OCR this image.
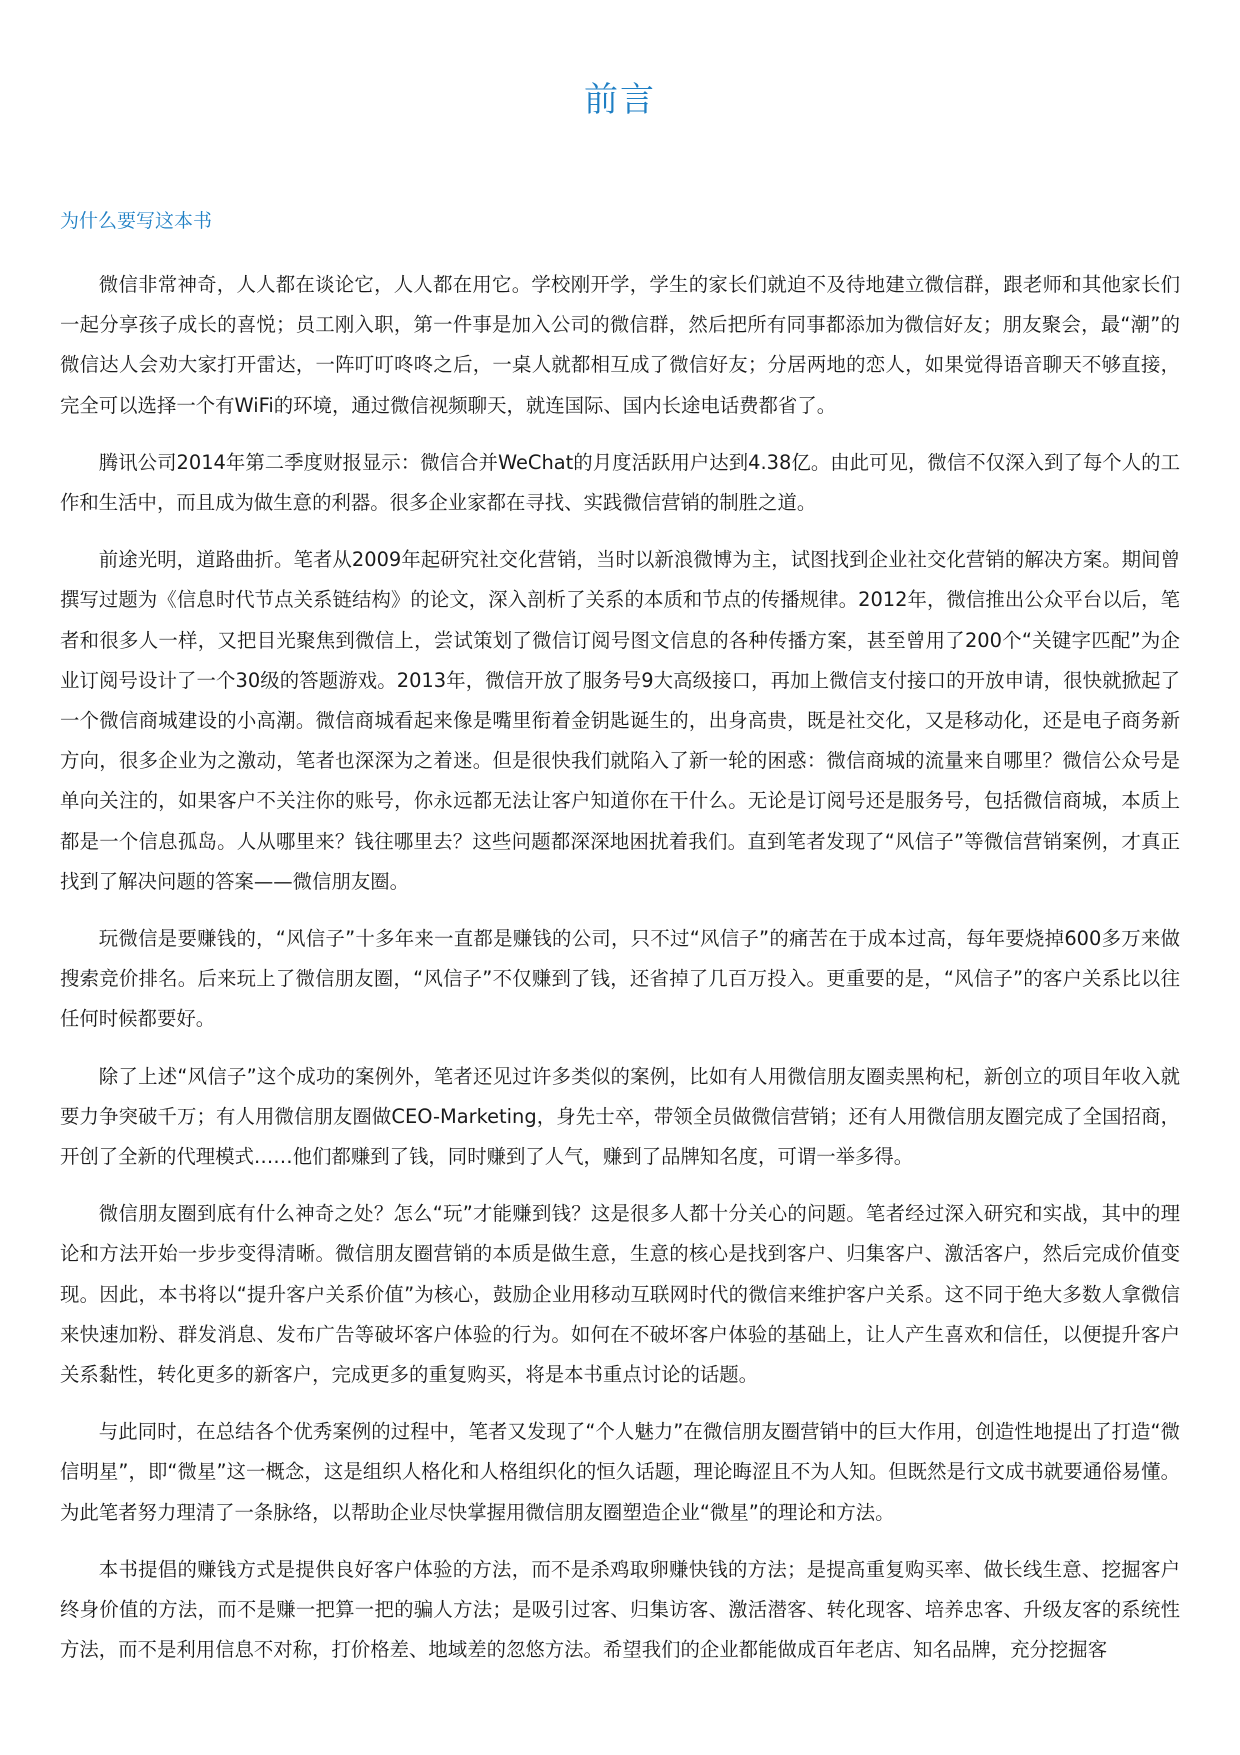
前言
为什么要写这本书

微信非常神奇，人人都在谈论它，人人都在用它。学校刚开学，学生的家长们就迫不及待地建立微信群，跟老师和其他家长们一起分享孩子成长的喜悦；员工刚入职，第一件事是加入公司的微信群，然后把所有同事都添加为微信好友；朋友聚会，最“潮”的微信达人会劝大家打开雷达，一阵叮叮咚咚之后，一桌人就都相互成了微信好友；分居两地的恋人，如果觉得语音聊天不够直接，完全可以选择一个有WiFi的环境，通过微信视频聊天，就连国际、国内长途电话费都省了。

腾讯公司2014年第二季度财报显示：微信合并WeChat的月度活跃用户达到4.38亿。由此可见，微信不仅深入到了每个人的工作和生活中，而且成为做生意的利器。很多企业家都在寻找、实践微信营销的制胜之道。

前途光明，道路曲折。笔者从2009年起研究社交化营销，当时以新浪微博为主，试图找到企业社交化营销的解决方案。期间曾撰写过题为《信息时代节点关系链结构》的论文，深入剖析了关系的本质和节点的传播规律。2012年，微信推出公众平台以后，笔者和很多人一样，又把目光聚焦到微信上，尝试策划了微信订阅号图文信息的各种传播方案，甚至曾用了200个“关键字匹配”为企业订阅号设计了一个30级的答题游戏。2013年，微信开放了服务号9大高级接口，再加上微信支付接口的开放申请，很快就掀起了一个微信商城建设的小高潮。微信商城看起来像是嘴里衔着金钥匙诞生的，出身高贵，既是社交化，又是移动化，还是电子商务新方向，很多企业为之激动，笔者也深深为之着迷。但是很快我们就陷入了新一轮的困惑：微信商城的流量来自哪里？微信公众号是单向关注的，如果客户不关注你的账号，你永远都无法让客户知道你在干什么。无论是订阅号还是服务号，包括微信商城，本质上都是一个信息孤岛。人从哪里来？钱往哪里去？这些问题都深深地困扰着我们。直到笔者发现了“风信子”等微信营销案例，才真正找到了解决问题的答案——微信朋友圈。

玩微信是要赚钱的，“风信子”十多年来一直都是赚钱的公司，只不过“风信子”的痛苦在于成本过高，每年要烧掉600多万来做搜索竞价排名。后来玩上了微信朋友圈，“风信子”不仅赚到了钱，还省掉了几百万投入。更重要的是，“风信子”的客户关系比以往任何时候都要好。

除了上述“风信子”这个成功的案例外，笔者还见过许多类似的案例，比如有人用微信朋友圈卖黑枸杞，新创立的项目年收入就要力争突破千万；有人用微信朋友圈做CEO-Marketing，身先士卒，带领全员做微信营销；还有人用微信朋友圈完成了全国招商，开创了全新的代理模式……他们都赚到了钱，同时赚到了人气，赚到了品牌知名度，可谓一举多得。

微信朋友圈到底有什么神奇之处？怎么“玩”才能赚到钱？这是很多人都十分关心的问题。笔者经过深入研究和实战，其中的理论和方法开始一步步变得清晰。微信朋友圈营销的本质是做生意，生意的核心是找到客户、归集客户、激活客户，然后完成价值变现。因此，本书将以“提升客户关系价值”为核心，鼓励企业用移动互联网时代的微信来维护客户关系。这不同于绝大多数人拿微信来快速加粉、群发消息、发布广告等破坏客户体验的行为。如何在不破坏客户体验的基础上，让人产生喜欢和信任，以便提升客户关系黏性，转化更多的新客户，完成更多的重复购买，将是本书重点讨论的话题。

与此同时，在总结各个优秀案例的过程中，笔者又发现了“个人魅力”在微信朋友圈营销中的巨大作用，创造性地提出了打造“微信明星”，即“微星”这一概念，这是组织人格化和人格组织化的恒久话题，理论晦涩且不为人知。但既然是行文成书就要通俗易懂。为此笔者努力理清了一条脉络，以帮助企业尽快掌握用微信朋友圈塑造企业“微星”的理论和方法。

本书提倡的赚钱方式是提供良好客户体验的方法，而不是杀鸡取卵赚快钱的方法；是提高重复购买率、做长线生意、挖掘客户终身价值的方法，而不是赚一把算一把的骗人方法；是吸引过客、归集访客、激活潜客、转化现客、培养忠客、升级友客的系统性方法，而不是利用信息不对称，打价格差、地域差的忽悠方法。希望我们的企业都能做成百年老店、知名品牌，充分挖掘客
